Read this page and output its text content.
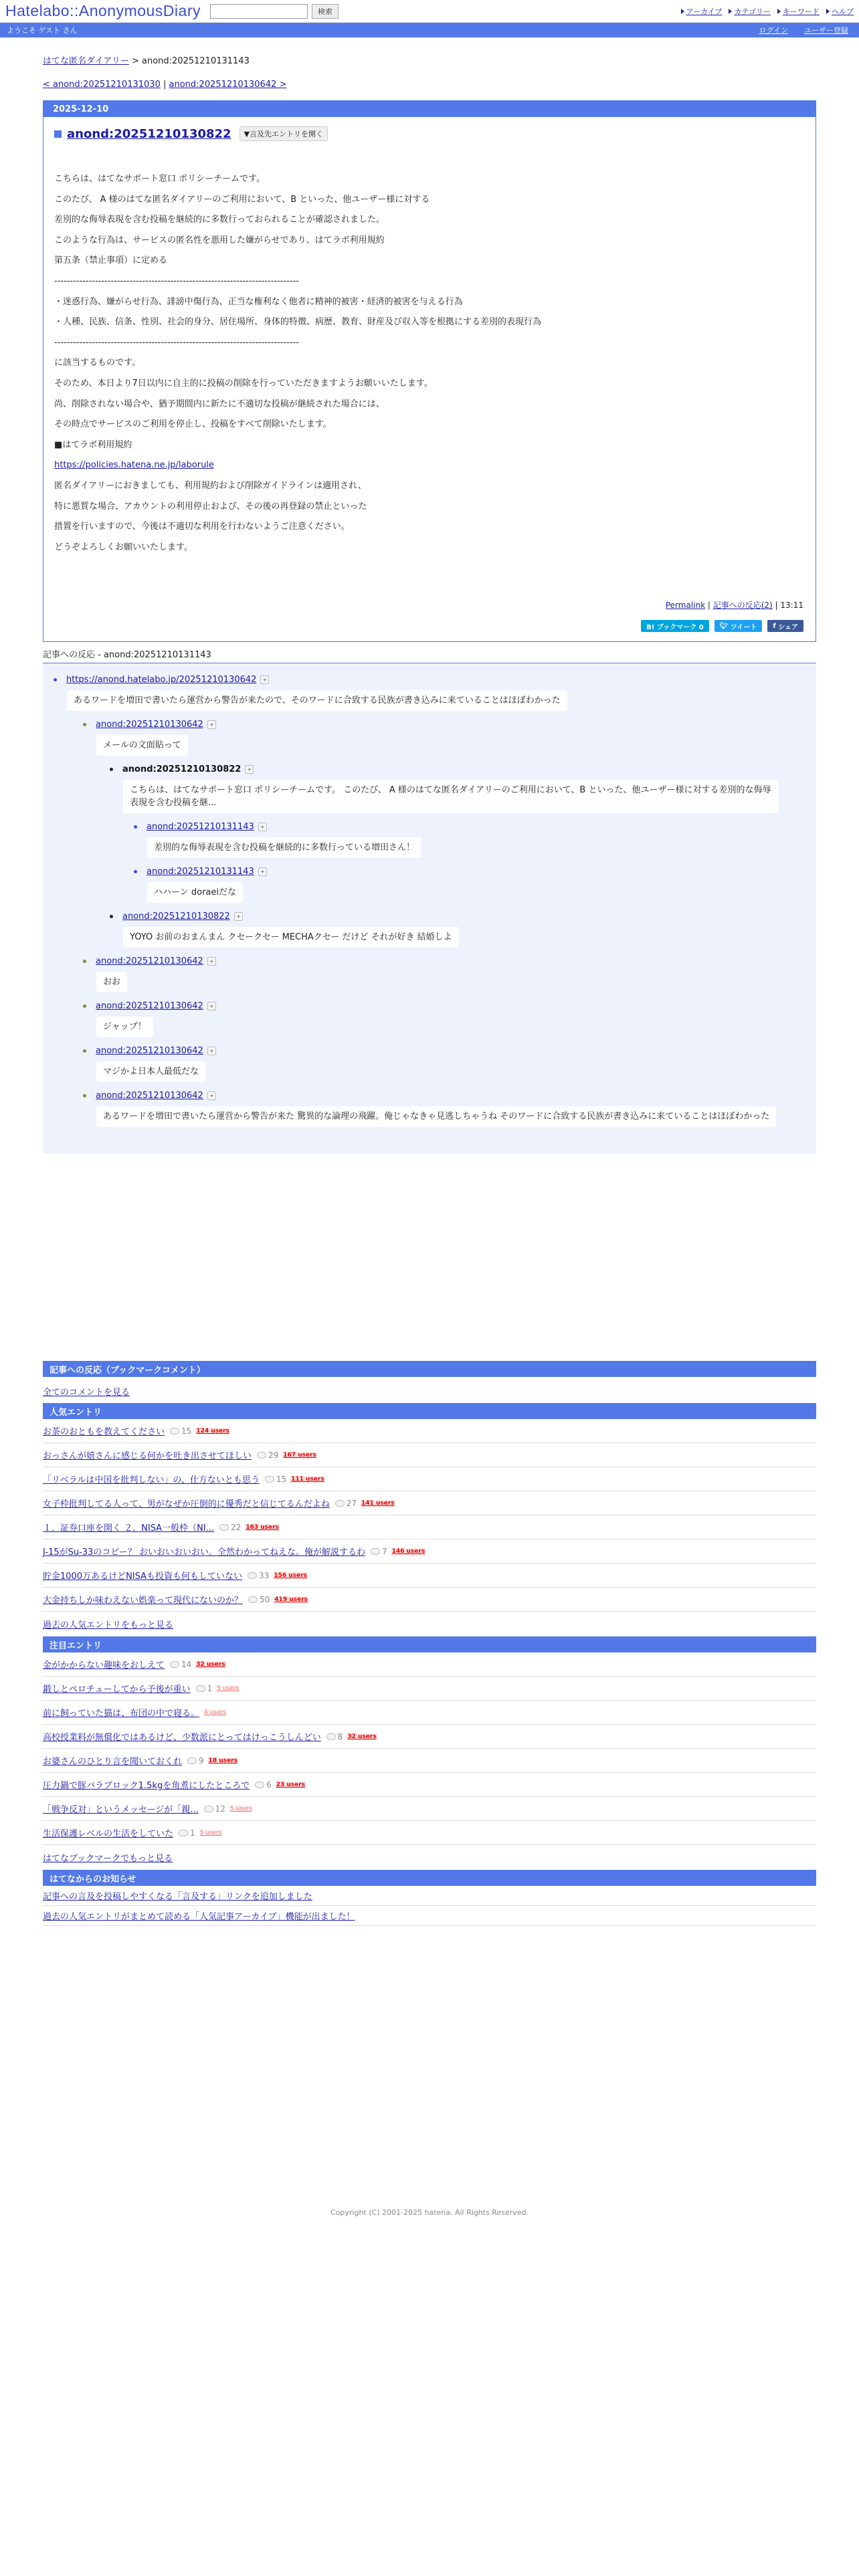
Hatelabo::AnonymousDiary	検索	アーカイブ	カテゴリー	キーワード	ヘルプ
ようこそ ゲスト さん	ログイン ユーザー登録
はてな匿名ダイアリー > anond:20251210131143
< anond:20251210131030 | anond:20251210130642 >
2025-12-10
anond:20251210130822	▼言及先エントリを開く
こちらは、はてなサポート窓口 ポリシーチームです。
このたび、 A 様のはてな匿名ダイアリーのご利用において、B といった、他ユーザー様に対する
差別的な侮辱表現を含む投稿を継続的に多数行っておられることが確認されました。
このような行為は、サービスの匿名性を悪用した嫌がらせであり、はてラボ利用規約
第五条（禁止事項）に定める
------------------------------------------------------------------------------
・迷惑行為、嫌がらせ行為、誹謗中傷行為、正当な権利なく他者に精神的被害・経済的被害を与える行為
・人種、民族、信条、性別、社会的身分、居住場所、身体的特徴、病歴、教育、財産及び収入等を根拠にする差別的表現行為
------------------------------------------------------------------------------
に該当するものです。
そのため、本日より7日以内に自主的に投稿の削除を行っていただきますようお願いいたします。
尚、削除されない場合や、猶予期間内に新たに不適切な投稿が継続された場合には、
その時点でサービスのご利用を停止し、投稿をすべて削除いたします。
■はてラボ利用規約
https://policies.hatena.ne.jp/laborule
匿名ダイアリーにおきましても、利用規約および削除ガイドラインは適用され、
特に悪質な場合、アカウントの利用停止および、その後の再登録の禁止といった
措置を行いますので、今後は不適切な利用を行わないようご注意ください。
どうぞよろしくお願いいたします。
Permalink | 記事への反応(2) | 13:11
B! ブックマーク 0	🐦︎ ツイート f シェア
記事への反応 - anond:20251210131143
https://anond.hatelabo.jp/20251210130642	+
あるワードを増田で書いたら運営から警告が来たので、そのワードに合致する民族が書き込みに来ていることはほぼわかった
anond:20251210130642	+
メールの文面貼って
anond:20251210130822	+
こちらは、はてなサポート窓口 ポリシーチームです。 このたび、 A 様のはてな匿名ダイアリーのご利用において、B といった、他ユーザー様に対する差別的な侮辱表現を含む投稿を継...
anond:20251210131143	+
差別的な侮辱表現を含む投稿を継続的に多数行っている増田さん！
anond:20251210131143	+
ハハーン doraeiだな
anond:20251210130822	+
YOYO お前のおまんまん クセークセー MECHAクセー だけど それが好き 結婚しよ
anond:20251210130642	+
おお
anond:20251210130642	+
ジャップ！
anond:20251210130642	+
マジかよ日本人最低だな
anond:20251210130642	+
あるワードを増田で書いたら運営から警告が来た 驚異的な論理の飛躍。俺じゃなきゃ見逃しちゃうね そのワードに合致する民族が書き込みに来ていることはほぼわかった
記事への反応（ブックマークコメント）
全てのコメントを見る
人気エントリ
お茶のおともを教えてください 15 124 users
おっさんが嬉さんに感じる何かを吐き出させてほしい 29 167 users
「リベラルは中国を批判しない」の、仕方ないとも思う 15 111 users
女子枠批判してる人って、男がなぜか圧倒的に優秀だと信じてるんだよね 27 141 users
１．証券口座を開く ２．NISA一般枠（NI... 22 163 users
J-15がSu-33のコピー？ おいおいおいおい。全然わかってねえな。俺が解説するわ 7 146 users
貯金1000万あるけどNISAも投資も何もしていない 33 156 users
大金持ちしか味わえない娯楽って現代にないのか？ 50 419 users
過去の人気エントリをもっと見る
注目エントリ
金がかからない趣味をおしえて 14 32 users
鍛しとペロチューしてから予後が重い 1 5 users
前に飼っていた猫は、布団の中で寝る。 4 users
高校授業料が無償化ではあるけど、少数派にとってはけっこうしんどい 8 32 users
お婆さんのひとり言を聞いておくれ 9 18 users
圧力鍋で豚バラブロック1.5kgを角煮にしたところで 6 23 users
「戦争反対」というメッセージが「親... 12 5 users
生活保護レベルの生活をしていた 1 5 users
はてなブックマークでもっと見る
はてなからのお知らせ
記事への言及を投稿しやすくなる「言及する」リンクを追加しました
過去の人気エントリがまとめて読める「人気記事アーカイブ」機能が出ました！
Copyright (C) 2001-2025 hatena. All Rights Reserved.
